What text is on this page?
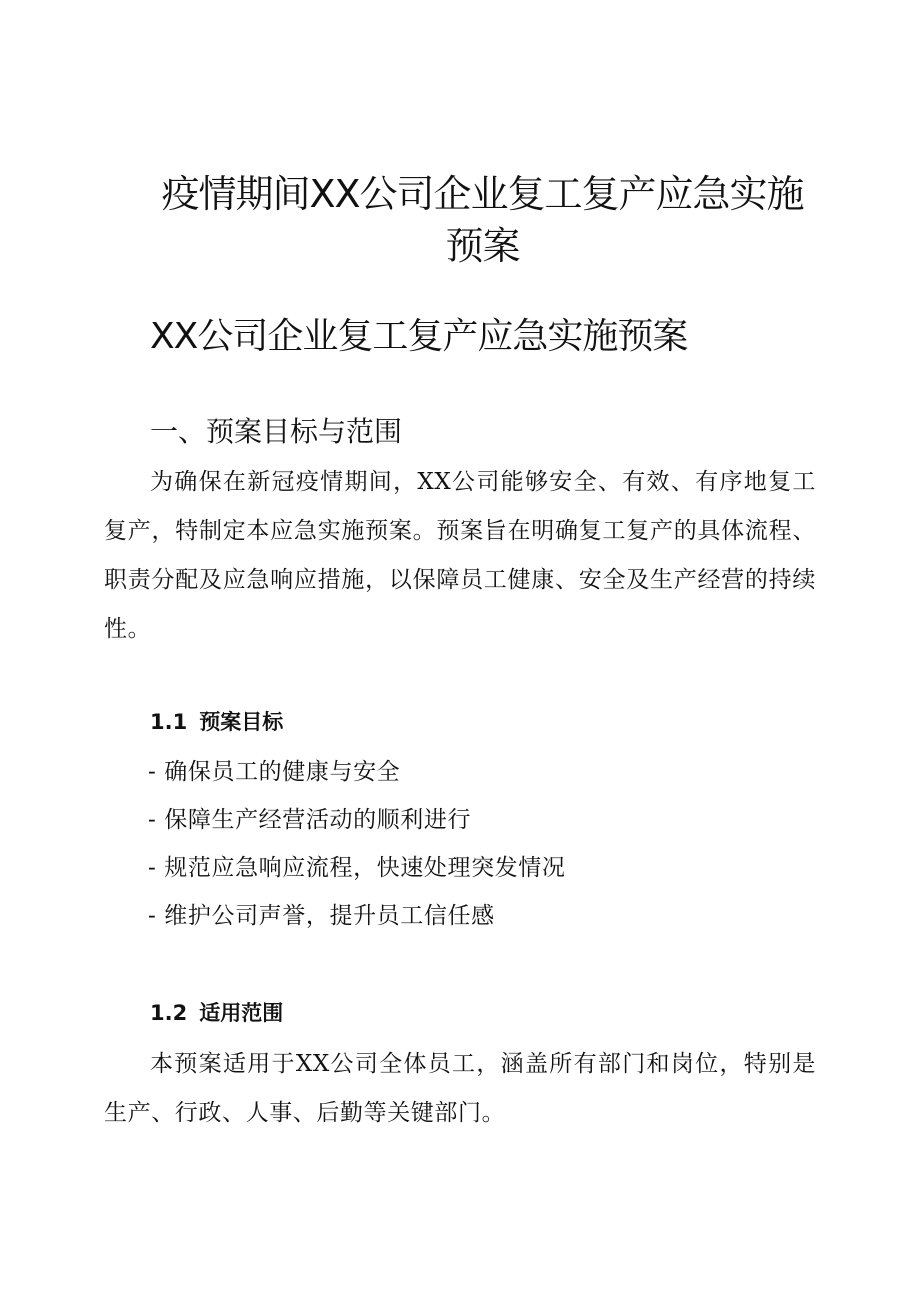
疫情期间XX公司企业复工复产应急实施预案
XX公司企业复工复产应急实施预案
一、预案目标与范围

为确保在新冠疫情期间，XX公司能够安全、有效、有序地复工复产，特制定本应急实施预案。预案旨在明确复工复产的具体流程、职责分配及应急响应措施，以保障员工健康、安全及生产经营的持续性。

1.1 预案目标
- 确保员工的健康与安全
- 保障生产经营活动的顺利进行
- 规范应急响应流程，快速处理突发情况
- 维护公司声誉，提升员工信任感
1.2 适用范围

本预案适用于XX公司全体员工，涵盖所有部门和岗位，特别是生产、行政、人事、后勤等关键部门。
